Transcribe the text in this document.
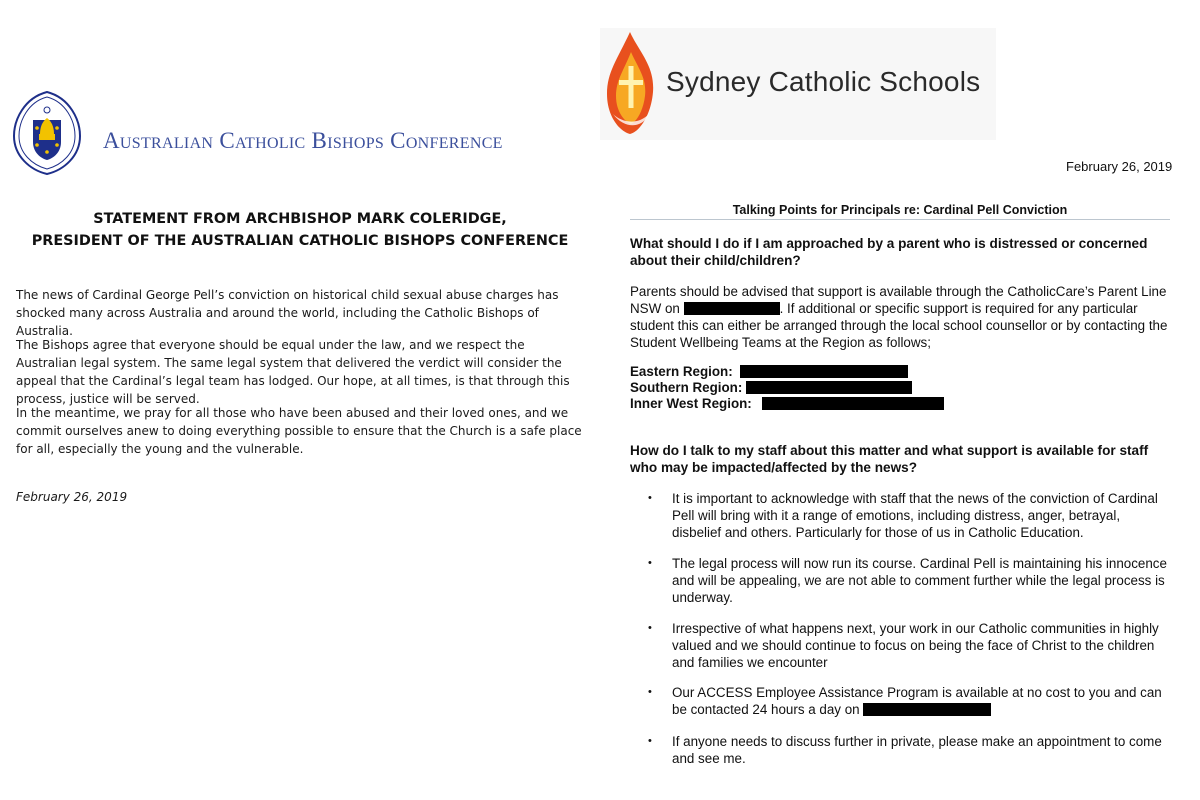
Australian Catholic Bishops Conference
STATEMENT FROM ARCHBISHOP MARK COLERIDGE,
PRESIDENT OF THE AUSTRALIAN CATHOLIC BISHOPS CONFERENCE

The news of Cardinal George Pell’s conviction on historical child sexual abuse charges has shocked many across Australia and around the world, including the Catholic Bishops of Australia.

The Bishops agree that everyone should be equal under the law, and we respect the Australian legal system. The same legal system that delivered the verdict will consider the appeal that the Cardinal’s legal team has lodged. Our hope, at all times, is that through this process, justice will be served.

In the meantime, we pray for all those who have been abused and their loved ones, and we commit ourselves anew to doing everything possible to ensure that the Church is a safe place for all, especially the young and the vulnerable.

February 26, 2019
Sydney Catholic Schools
February 26, 2019
Talking Points for Principals re: Cardinal Pell Conviction

What should I do if I am approached by a parent who is distressed or concerned about their child/children?

Parents should be advised that support is available through the CatholicCare’s Parent Line NSW on	. If additional or specific support is required for any particular student this can either be arranged through the local school counsellor or by contacting the Student Wellbeing Teams at the Region as follows;

Eastern Region:
Southern Region:
Inner West Region:

How do I talk to my staff about this matter and what support is available for staff who may be impacted/affected by the news?

• It is important to acknowledge with staff that the news of the conviction of Cardinal Pell will bring with it a range of emotions, including distress, anger, betrayal, disbelief and others. Particularly for those of us in Catholic Education.

• The legal process will now run its course. Cardinal Pell is maintaining his innocence and will be appealing, we are not able to comment further while the legal process is underway.

• Irrespective of what happens next, your work in our Catholic communities in highly valued and we should continue to focus on being the face of Christ to the children and families we encounter

• Our ACCESS Employee Assistance Program is available at no cost to you and can be contacted 24 hours a day on

• If anyone needs to discuss further in private, please make an appointment to come and see me.
